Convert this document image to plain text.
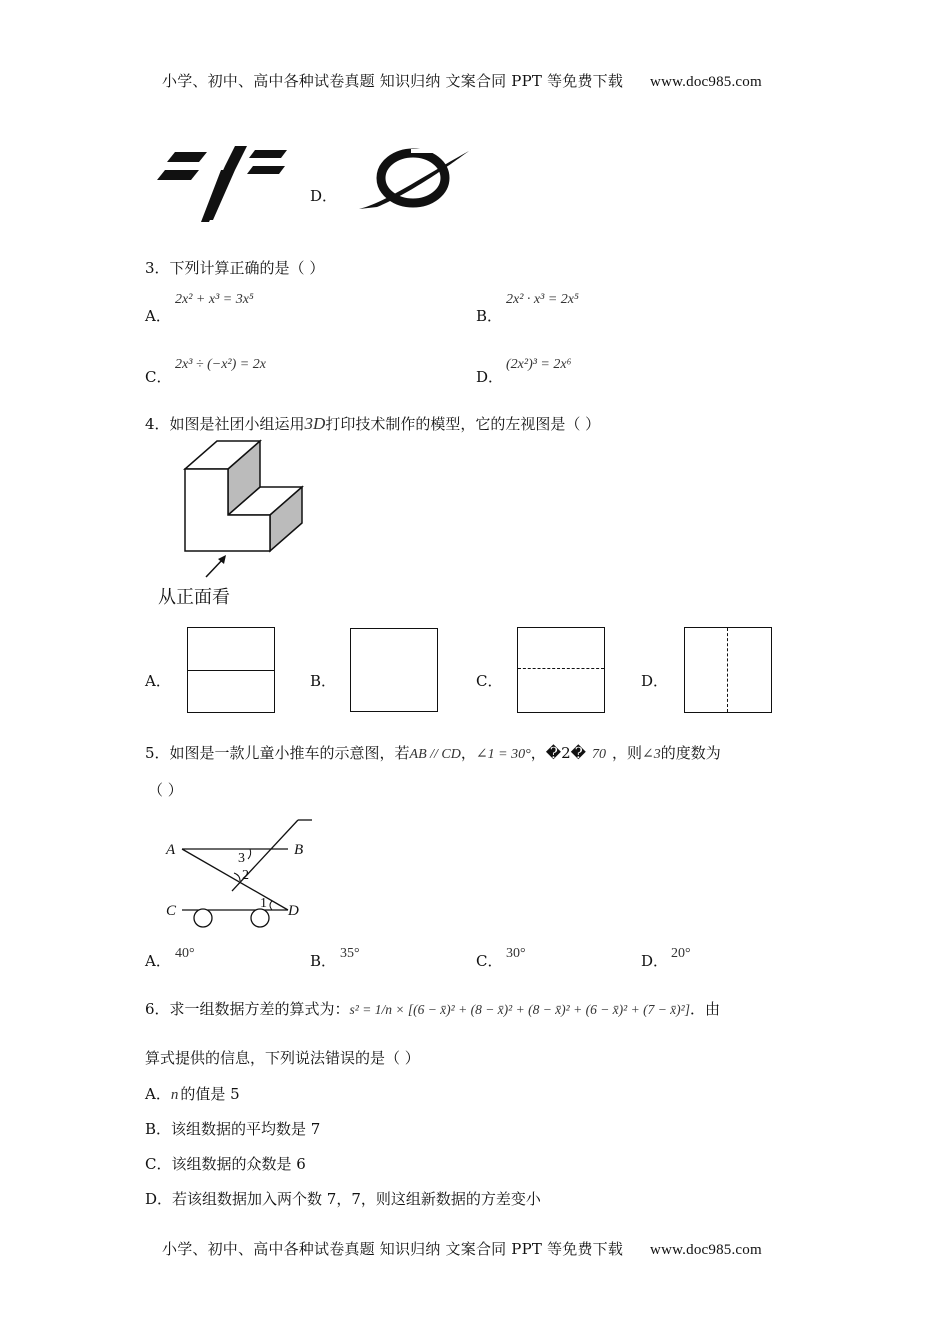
小学、初中、高中各种试卷真题 知识归纳 文案合同 PPT 等免费下载 www.doc985.com
D．
3．下列计算正确的是（ ）
A．
2x² + x³ = 3x⁵
B．
2x² · x³ = 2x⁵
C．
2x³ ÷ (−x²) = 2x
D．
(2x²)³ = 2x⁶
4．如图是社团小组运用3D打印技术制作的模型，它的左视图是（ ）
从正面看
A．	B．	C．	D．
5．如图是一款儿童小推车的示意图，若AB // CD，∠1 = 30°，�2� 70 ，则∠3的度数为
（ ）
A	B
C	D
3
2
1
A． 40°	B． 35°	C． 30°	D． 20°
6．求一组数据方差的算式为：s² = 1/n × [(6 − x̄)² + (8 − x̄)² + (8 − x̄)² + (6 − x̄)² + (7 − x̄)²]．由
算式提供的信息，下列说法错误的是（ ）
A．n 的值是 5
B．该组数据的平均数是 7
C．该组数据的众数是 6
D．若该组数据加入两个数 7，7，则这组新数据的方差变小
小学、初中、高中各种试卷真题 知识归纳 文案合同 PPT 等免费下载 www.doc985.com
